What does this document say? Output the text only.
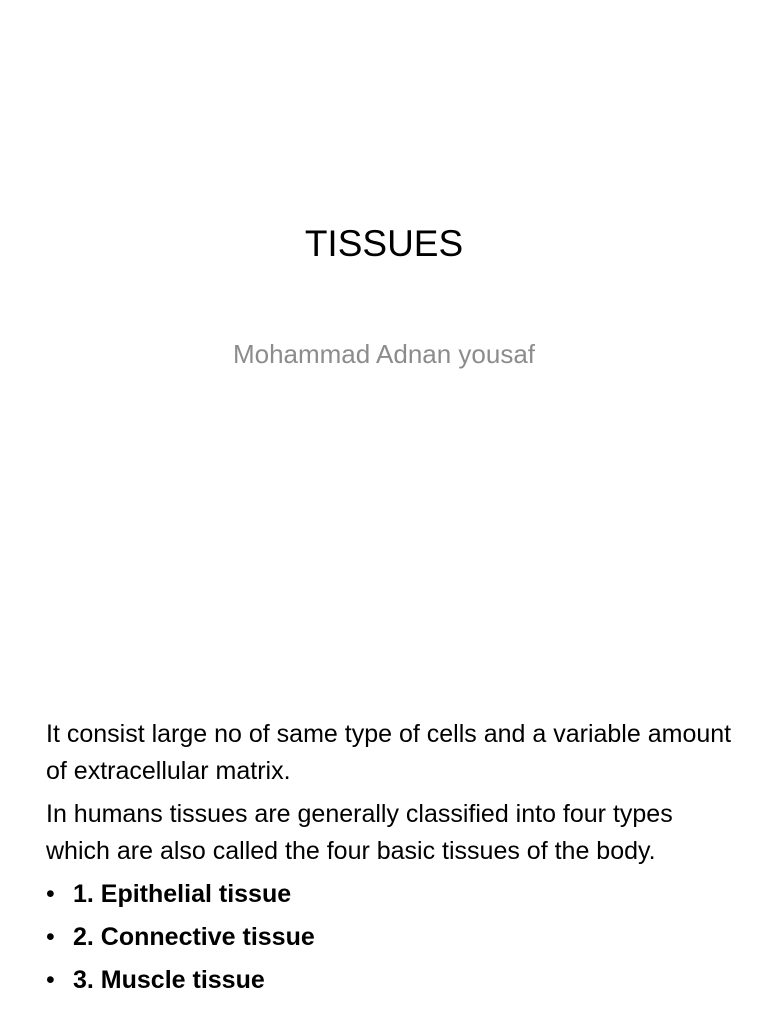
TISSUES
Mohammad Adnan yousaf

It consist large no of same type of cells and a variable amount of extracellular matrix.

In humans tissues are generally classified into four types which are also called the four basic tissues of the body.

• 1. Epithelial tissue
• 2. Connective tissue
• 3. Muscle tissue
